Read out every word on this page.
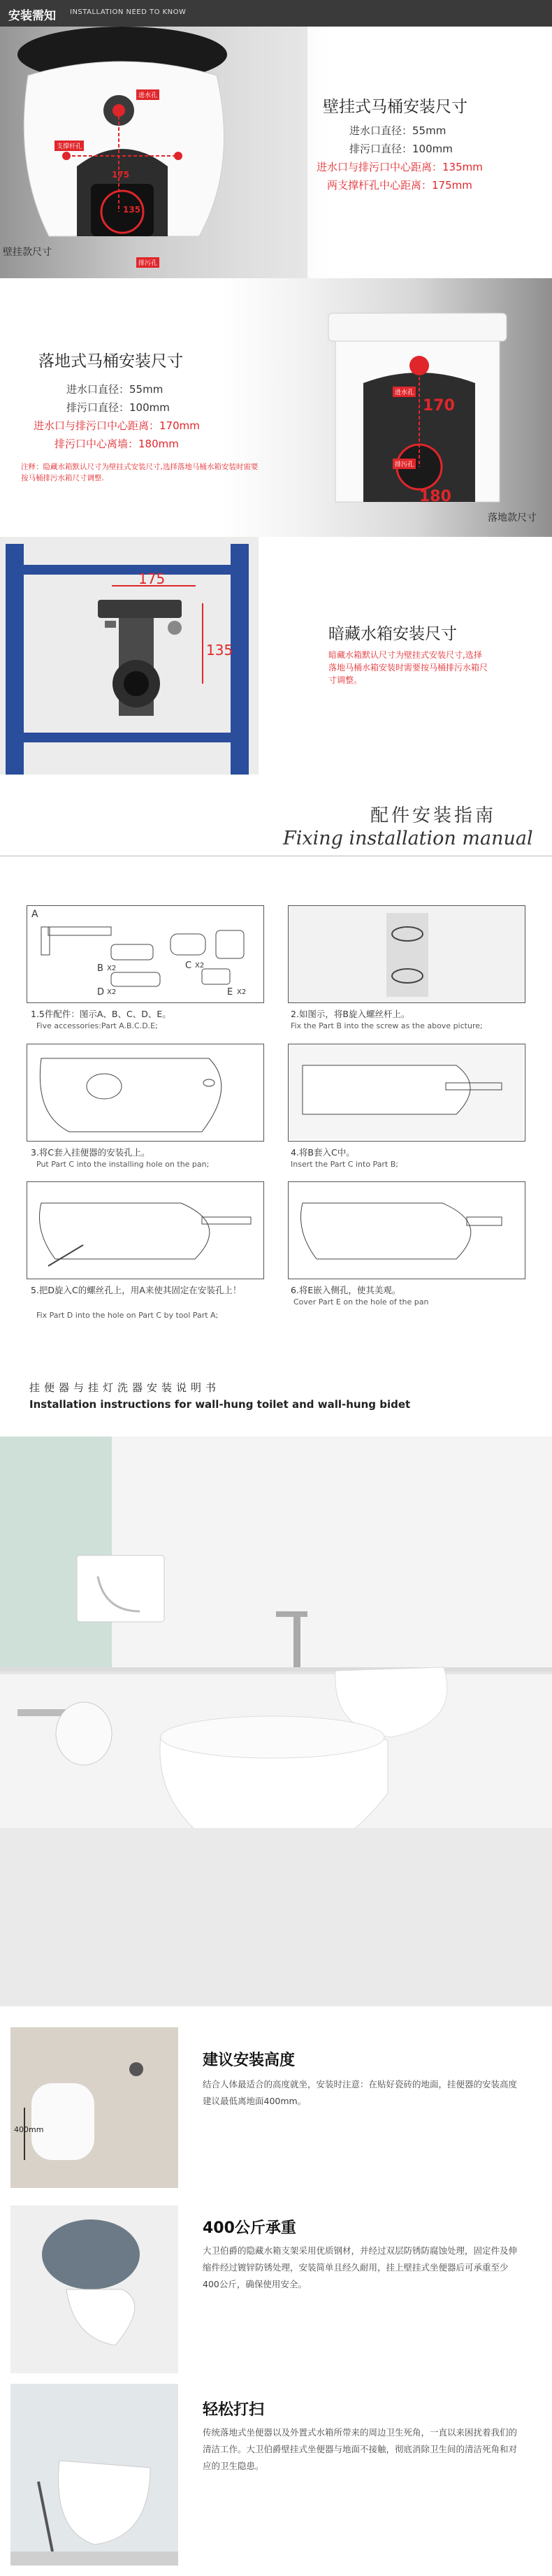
安装需知 INSTALLATION NEED TO KNOW
进水孔
支撑杆孔
排污孔
175
135
壁挂式马桶安装尺寸
进水口直径：55mm
排污口直径：100mm
进水口与排污口中心距离：135mm
两支撑杆孔中心距离：175mm
壁挂款尺寸
落地式马桶安装尺寸
进水口直径：55mm
排污口直径：100mm
进水口与排污口中心距离：170mm
排污口中心离墙：180mm
注释：隐藏水箱默认尺寸为壁挂式安装尺寸,选择落地马桶水箱安装时需要按马桶排污水箱尺寸调整.
进水孔
排污孔
170
180
落地款尺寸
175
135
暗藏水箱安装尺寸
暗藏水箱默认尺寸为壁挂式安装尺寸,选择落地马桶水箱安装时需要按马桶排污水箱尺寸调整。
配件安装指南
Fixing installation manual
A
B X2	C X2
D X2	E X2
1.5件配件：图示A、B、C、D、E。
Five accessories:Part A.B.C.D.E;
2.如图示，将B旋入螺丝杆上。
Fix the Part B into the screw as the above picture;
3.将C套入挂便器的安装孔上。
Put Part C into the installing hole on the pan;
4.将B套入C中。
Insert the Part C into Part B;
5.把D旋入C的螺丝孔上，用A来使其固定在安装孔上！
Fix Part D into the hole on Part C by tool Part A;
6.将E嵌入侧孔，使其美观。
Cover Part E on the hole of the pan
挂便器与挂灯洗器安装说明书
Installation instructions for wall-hung toilet and wall-hung bidet
400mm
建议安装高度
结合人体最适合的高度就坐，安装时注意：在贴好瓷砖的地面，挂便器的安装高度建议最低离地面400mm。
400公斤承重
大卫伯爵的隐藏水箱支架采用优质钢材，并经过双层防锈防腐蚀处理，固定件及伸缩件经过镀锌防锈处理，安装简单且经久耐用，挂上壁挂式坐便器后可承重至少400公斤，确保使用安全。
轻松打扫
传统落地式坐便器以及外置式水箱所带来的周边卫生死角，一直以来困扰着我们的清洁工作。大卫伯爵壁挂式坐便器与地面不接触，彻底消除卫生间的清洁死角和对应的卫生隐患。
